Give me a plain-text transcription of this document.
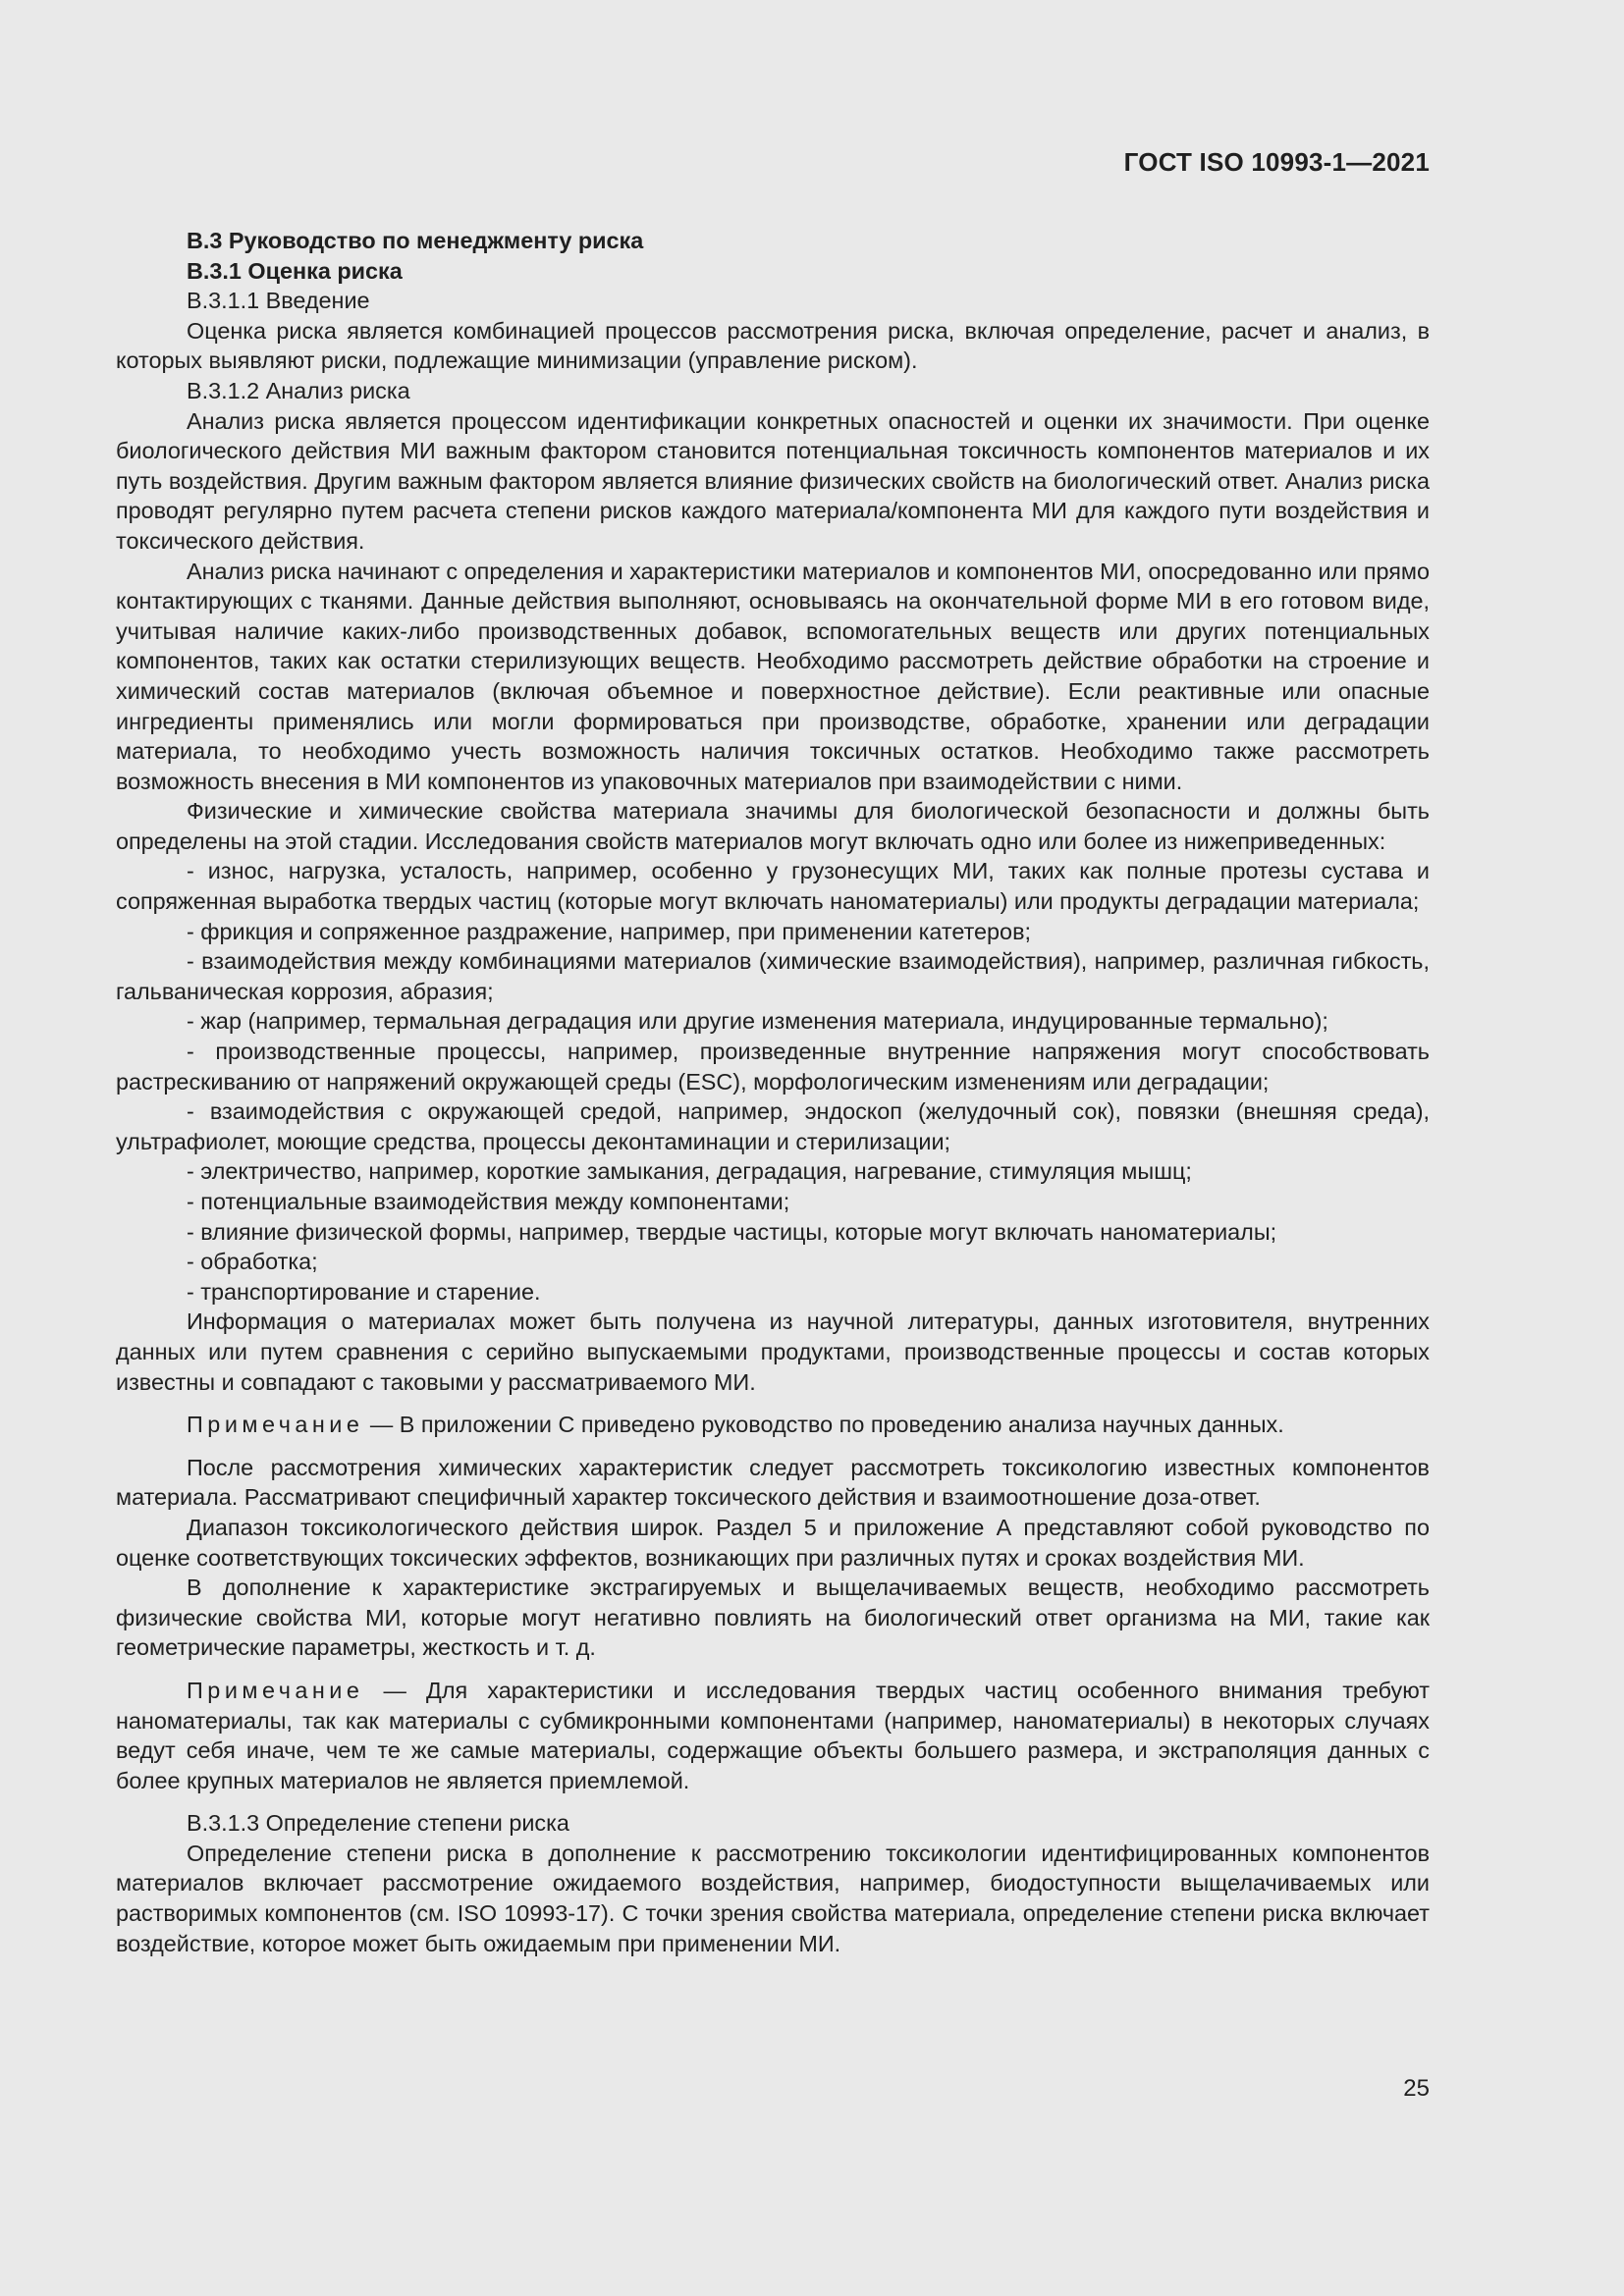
ГОСТ ISO 10993-1—2021

В.3 Руководство по менеджменту риска

В.3.1 Оценка риска

В.3.1.1 Введение

Оценка риска является комбинацией процессов рассмотрения риска, включая определение, расчет и анализ, в которых выявляют риски, подлежащие минимизации (управление риском).

В.3.1.2 Анализ риска

Анализ риска является процессом идентификации конкретных опасностей и оценки их значимости. При оценке биологического действия МИ важным фактором становится потенциальная токсичность компонентов материалов и их путь воздействия. Другим важным фактором является влияние физических свойств на биологический ответ. Анализ риска проводят регулярно путем расчета степени рисков каждого материала/компонента МИ для каждого пути воздействия и токсического действия.

Анализ риска начинают с определения и характеристики материалов и компонентов МИ, опосредованно или прямо контактирующих с тканями. Данные действия выполняют, основываясь на окончательной форме МИ в его готовом виде, учитывая наличие каких-либо производственных добавок, вспомогательных веществ или других потенциальных компонентов, таких как остатки стерилизующих веществ. Необходимо рассмотреть действие обработки на строение и химический состав материалов (включая объемное и поверхностное действие). Если реактивные или опасные ингредиенты применялись или могли формироваться при производстве, обработке, хранении или деградации материала, то необходимо учесть возможность наличия токсичных остатков. Необходимо также рассмотреть возможность внесения в МИ компонентов из упаковочных материалов при взаимодействии с ними.

Физические и химические свойства материала значимы для биологической безопасности и должны быть определены на этой стадии. Исследования свойств материалов могут включать одно или более из нижеприведенных:

- износ, нагрузка, усталость, например, особенно у грузонесущих МИ, таких как полные протезы сустава и сопряженная выработка твердых частиц (которые могут включать наноматериалы) или продукты деградации материала;

- фрикция и сопряженное раздражение, например, при применении катетеров;

- взаимодействия между комбинациями материалов (химические взаимодействия), например, различная гибкость, гальваническая коррозия, абразия;

- жар (например, термальная деградация или другие изменения материала, индуцированные термально);

- производственные процессы, например, произведенные внутренние напряжения могут способствовать растрескиванию от напряжений окружающей среды (ESC), морфологическим изменениям или деградации;

- взаимодействия с окружающей средой, например, эндоскоп (желудочный сок), повязки (внешняя среда), ультрафиолет, моющие средства, процессы деконтаминации и стерилизации;

- электричество, например, короткие замыкания, деградация, нагревание, стимуляция мышц;

- потенциальные взаимодействия между компонентами;

- влияние физической формы, например, твердые частицы, которые могут включать наноматериалы;

- обработка;

- транспортирование и старение.

Информация о материалах может быть получена из научной литературы, данных изготовителя, внутренних данных или путем сравнения с серийно выпускаемыми продуктами, производственные процессы и состав которых известны и совпадают с таковыми у рассматриваемого МИ.

Примечание — В приложении С приведено руководство по проведению анализа научных данных.

После рассмотрения химических характеристик следует рассмотреть токсикологию известных компонентов материала. Рассматривают специфичный характер токсического действия и взаимоотношение доза-ответ.

Диапазон токсикологического действия широк. Раздел 5 и приложение А представляют собой руководство по оценке соответствующих токсических эффектов, возникающих при различных путях и сроках воздействия МИ.

В дополнение к характеристике экстрагируемых и выщелачиваемых веществ, необходимо рассмотреть физические свойства МИ, которые могут негативно повлиять на биологический ответ организма на МИ, такие как геометрические параметры, жесткость и т. д.

Примечание — Для характеристики и исследования твердых частиц особенного внимания требуют наноматериалы, так как материалы с субмикронными компонентами (например, наноматериалы) в некоторых случаях ведут себя иначе, чем те же самые материалы, содержащие объекты большего размера, и экстраполяция данных с более крупных материалов не является приемлемой.

В.3.1.3 Определение степени риска

Определение степени риска в дополнение к рассмотрению токсикологии идентифицированных компонентов материалов включает рассмотрение ожидаемого воздействия, например, биодоступности выщелачиваемых или растворимых компонентов (см. ISO 10993-17). С точки зрения свойства материала, определение степени риска включает воздействие, которое может быть ожидаемым при применении МИ.

25
